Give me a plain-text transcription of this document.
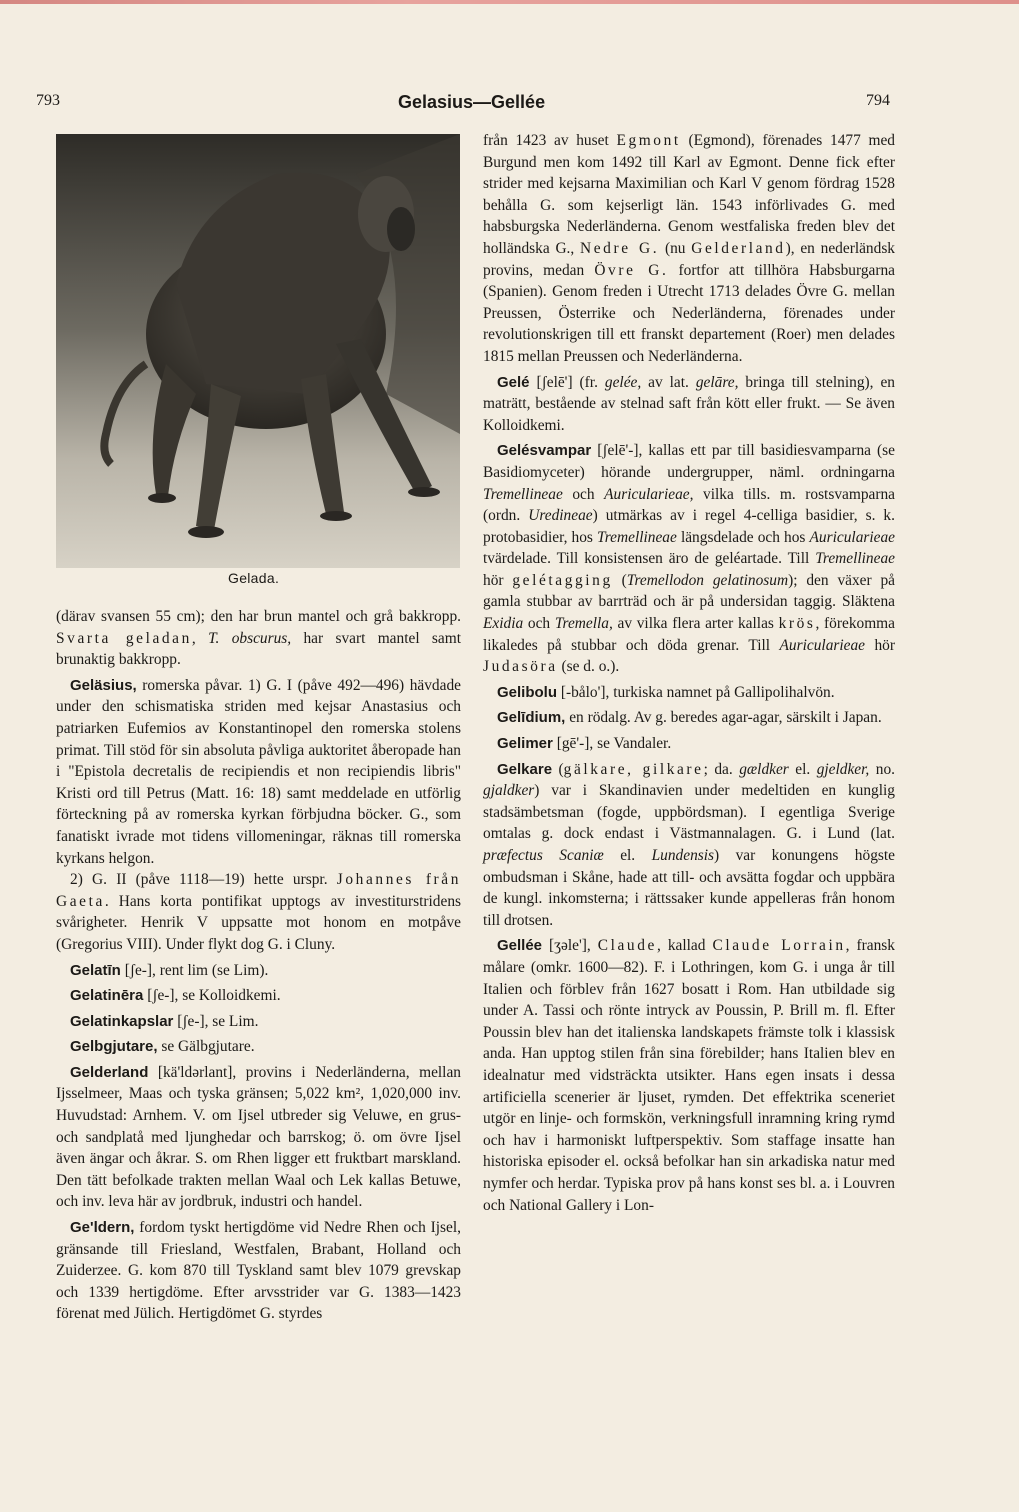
793	Gelasius—Gellée	794
Gelada.

(därav svansen 55 cm); den har brun mantel och grå bakkropp. Svarta geladan, T. obscurus, har svart mantel samt brunaktig bakkropp.

Geläsius, romerska påvar. 1) G. I (påve 492—496) hävdade under den schismatiska striden med kejsar Anastasius och patriarken Eufemios av Konstantinopel den romerska stolens primat. Till stöd för sin absoluta påvliga auktoritet åberopade han i "Epistola decretalis de recipiendis et non recipiendis libris" Kristi ord till Petrus (Matt. 16: 18) samt meddelade en utförlig förteckning på av romerska kyrkan förbjudna böcker. G., som fanatiskt ivrade mot tidens villomeningar, räknas till romerska kyrkans helgon.

2) G. II (påve 1118—19) hette urspr. Johannes från Gaeta. Hans korta pontifikat upptogs av investiturstridens svårigheter. Henrik V uppsatte mot honom en motpåve (Gregorius VIII). Under flykt dog G. i Cluny.

Gelatīn [ʃe-], rent lim (se Lim).

Gelatinēra [ʃe-], se Kolloidkemi.

Gelatinkapslar [ʃe-], se Lim.

Gelbgjutare, se Gälbgjutare.

Gelderland [kä'ldərlant], provins i Nederländerna, mellan Ijsselmeer, Maas och tyska gränsen; 5,022 km², 1,020,000 inv. Huvudstad: Arnhem. V. om Ijsel utbreder sig Veluwe, en grus- och sandplatå med ljunghedar och barrskog; ö. om övre Ijsel även ängar och åkrar. S. om Rhen ligger ett fruktbart marskland. Den tätt befolkade trakten mellan Waal och Lek kallas Betuwe, och inv. leva här av jordbruk, industri och handel.

Ge'ldern, fordom tyskt hertigdöme vid Nedre Rhen och Ijsel, gränsande till Friesland, Westfalen, Brabant, Holland och Zuiderzee. G. kom 870 till Tyskland samt blev 1079 grevskap och 1339 hertigdöme. Efter arvsstrider var G. 1383—1423 förenat med Jülich. Hertigdömet G. styrdes

från 1423 av huset Egmont (Egmond), förenades 1477 med Burgund men kom 1492 till Karl av Egmont. Denne fick efter strider med kejsarna Maximilian och Karl V genom fördrag 1528 behålla G. som kejserligt län. 1543 införlivades G. med habsburgska Nederländerna. Genom westfaliska freden blev det holländska G., Nedre G. (nu Gelderland), en nederländsk provins, medan Övre G. fortfor att tillhöra Habsburgarna (Spanien). Genom freden i Utrecht 1713 delades Övre G. mellan Preussen, Österrike och Nederländerna, förenades under revolutionskrigen till ett franskt departement (Roer) men delades 1815 mellan Preussen och Nederländerna.

Gelé [ʃelē'] (fr. gelée, av lat. gelāre, bringa till stelning), en maträtt, bestående av stelnad saft från kött eller frukt. — Se även Kolloidkemi.

Gelésvampar [ʃelē'-], kallas ett par till basidiesvamparna (se Basidiomyceter) hörande undergrupper, näml. ordningarna Tremellineae och Auricularieae, vilka tills. m. rostsvamparna (ordn. Uredineae) utmärkas av i regel 4-celliga basidier, s. k. protobasidier, hos Tremellineae längsdelade och hos Auricularieae tvärdelade. Till konsistensen äro de geléartade. Till Tremellineae hör gelétagging (Tremellodon gelatinosum); den växer på gamla stubbar av barrträd och är på undersidan taggig. Släktena Exidia och Tremella, av vilka flera arter kallas krös, förekomma likaledes på stubbar och döda grenar. Till Auricularieae hör Judasöra (se d. o.).

Gelibolu [-bålo'], turkiska namnet på Gallipolihalvön.

Gelīdium, en rödalg. Av g. beredes agar-agar, särskilt i Japan.

Gelimer [gē'-], se Vandaler.

Gelkare (gälkare, gilkare; da. gældker el. gjeldker, no. gjaldker) var i Skandinavien under medeltiden en kunglig stadsämbetsman (fogde, uppbördsman). I egentliga Sverige omtalas g. dock endast i Västmannalagen. G. i Lund (lat. præfectus Scaniæ el. Lundensis) var konungens högste ombudsman i Skåne, hade att till- och avsätta fogdar och uppbära de kungl. inkomsterna; i rättssaker kunde appelleras från honom till drotsen.

Gellée [ʒəle'], Claude, kallad Claude Lorrain, fransk målare (omkr. 1600—82). F. i Lothringen, kom G. i unga år till Italien och förblev från 1627 bosatt i Rom. Han utbildade sig under A. Tassi och rönte intryck av Poussin, P. Brill m. fl. Efter Poussin blev han det italienska landskapets främste tolk i klassisk anda. Han upptog stilen från sina förebilder; hans Italien blev en idealnatur med vidsträckta utsikter. Hans egen insats i dessa artificiella scenerier är ljuset, rymden. Det effektrika sceneriet utgör en linje- och formskön, verkningsfull inramning kring rymd och hav i harmoniskt luftperspektiv. Som staffage insatte han historiska episoder el. också befolkar han sin arkadiska natur med nymfer och herdar. Typiska prov på hans konst ses bl. a. i Louvren och National Gallery i Lon-
